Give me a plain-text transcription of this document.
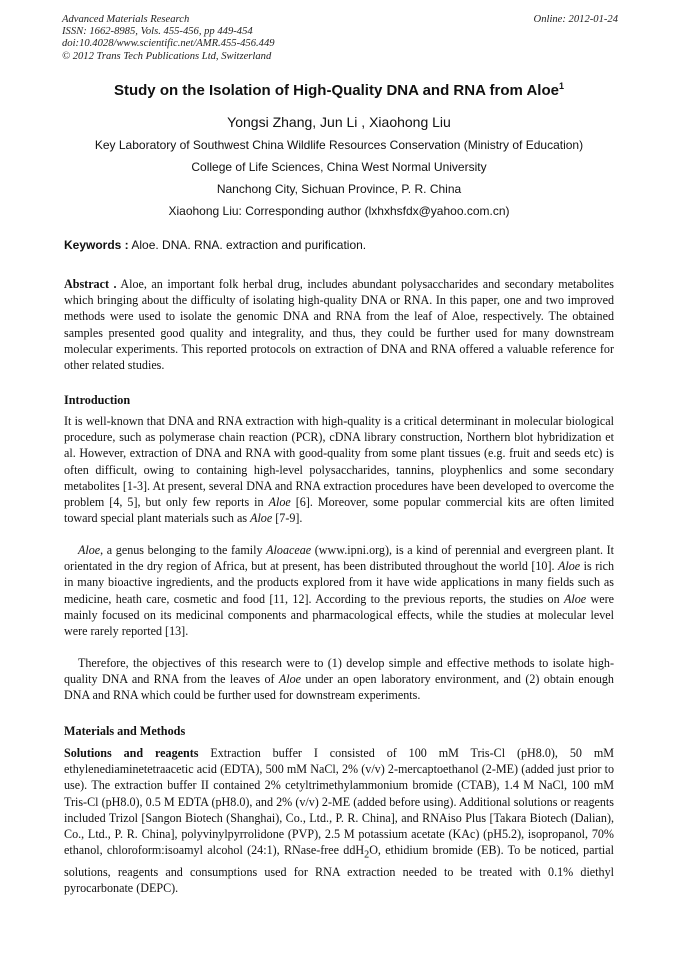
Advanced Materials Research
ISSN: 1662-8985, Vols. 455-456, pp 449-454
doi:10.4028/www.scientific.net/AMR.455-456.449
© 2012 Trans Tech Publications Ltd, Switzerland
Online: 2012-01-24
Study on the Isolation of High-Quality DNA and RNA from Aloe$^1$
Yongsi Zhang, Jun Li , Xiaohong Liu
Key Laboratory of Southwest China Wildlife Resources Conservation (Ministry of Education)
College of Life Sciences, China West Normal University
Nanchong City, Sichuan Province, P. R. China
Xiaohong Liu: Corresponding author (lxhxhsfdx@yahoo.com.cn)
Keywords : Aloe. DNA. RNA. extraction and purification.
Abstract . Aloe, an important folk herbal drug, includes abundant polysaccharides and secondary metabolites which bringing about the difficulty of isolating high-quality DNA or RNA. In this paper, one and two improved methods were used to isolate the genomic DNA and RNA from the leaf of Aloe, respectively. The obtained samples presented good quality and integrality, and thus, they could be further used for many downstream molecular experiments. This reported protocols on extraction of DNA and RNA offered a valuable reference for other related studies.
Introduction
It is well-known that DNA and RNA extraction with high-quality is a critical determinant in molecular biological procedure, such as polymerase chain reaction (PCR), cDNA library construction, Northern blot hybridization et al. However, extraction of DNA and RNA with good-quality from some plant tissues (e.g. fruit and seeds etc) is often difficult, owing to containing high-level polysaccharides, tannins, ployphenlics and some secondary metabolites [1-3]. At present, several DNA and RNA extraction procedures have been developed to overcome the problem [4, 5], but only few reports in Aloe [6]. Moreover, some popular commercial kits are often limited toward special plant materials such as Aloe [7-9].
Aloe, a genus belonging to the family Aloaceae (www.ipni.org), is a kind of perennial and evergreen plant. It orientated in the dry region of Africa, but at present, has been distributed throughout the world [10]. Aloe is rich in many bioactive ingredients, and the products explored from it have wide applications in many fields such as medicine, heath care, cosmetic and food [11, 12]. According to the previous reports, the studies on Aloe were mainly focused on its medicinal components and pharmacological effects, while the studies at molecular level were rarely reported [13].
Therefore, the objectives of this research were to (1) develop simple and effective methods to isolate high-quality DNA and RNA from the leaves of Aloe under an open laboratory environment, and (2) obtain enough DNA and RNA which could be further used for downstream experiments.
Materials and Methods
Solutions and reagents Extraction buffer I consisted of 100 mM Tris-Cl (pH8.0), 50 mM ethylenediaminetetraacetic acid (EDTA), 500 mM NaCl, 2% (v/v) 2-mercaptoethanol (2-ME) (added just prior to use). The extraction buffer II contained 2% cetyltrimethylammonium bromide (CTAB), 1.4 M NaCl, 100 mM Tris-Cl (pH8.0), 0.5 M EDTA (pH8.0), and 2% (v/v) 2-ME (added before using). Additional solutions or reagents included Trizol [Sangon Biotech (Shanghai), Co., Ltd., P. R. China], and RNAiso Plus [Takara Biotech (Dalian), Co., Ltd., P. R. China], polyvinylpyrrolidone (PVP), 2.5 M potassium acetate (KAc) (pH5.2), isopropanol, 70% ethanol, chloroform:isoamyl alcohol (24:1), RNase-free ddH$_2$O, ethidium bromide (EB). To be noticed, partial solutions, reagents and consumptions used for RNA extraction needed to be treated with 0.1% diethyl pyrocarbonate (DEPC).
